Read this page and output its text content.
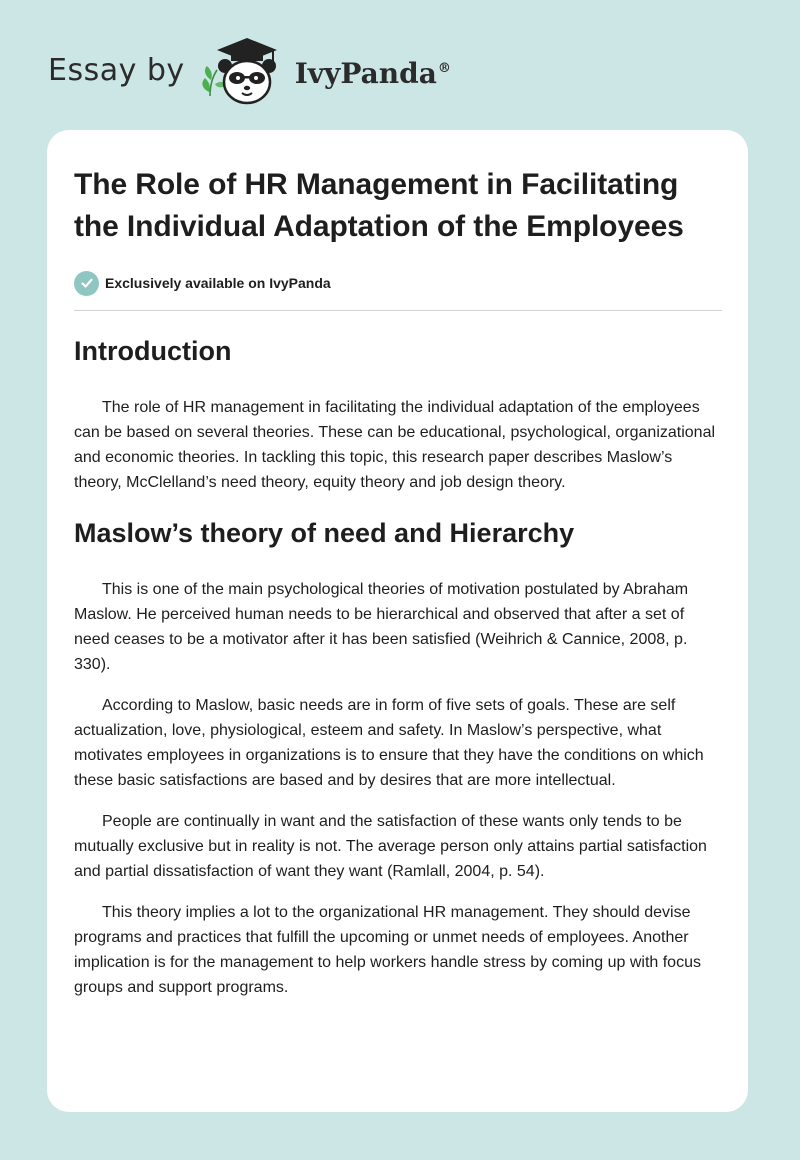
Essay by	IvyPanda®
The Role of HR Management in Facilitating the Individual Adaptation of the Employees
Exclusively available on IvyPanda
Introduction

The role of HR management in facilitating the individual adaptation of the employees can be based on several theories. These can be educational, psychological, organizational and economic theories. In tackling this topic, this research paper describes Maslow’s theory, McClelland’s need theory, equity theory and job design theory.

Maslow’s theory of need and Hierarchy

This is one of the main psychological theories of motivation postulated by Abraham Maslow. He perceived human needs to be hierarchical and observed that after a set of need ceases to be a motivator after it has been satisfied (Weihrich & Cannice, 2008, p. 330).

According to Maslow, basic needs are in form of five sets of goals. These are self actualization, love, physiological, esteem and safety. In Maslow’s perspective, what motivates employees in organizations is to ensure that they have the conditions on which these basic satisfactions are based and by desires that are more intellectual.

People are continually in want and the satisfaction of these wants only tends to be mutually exclusive but in reality is not. The average person only attains partial satisfaction and partial dissatisfaction of want they want (Ramlall, 2004, p. 54).

This theory implies a lot to the organizational HR management. They should devise programs and practices that fulfill the upcoming or unmet needs of employees. Another implication is for the management to help workers handle stress by coming up with focus groups and support programs.
